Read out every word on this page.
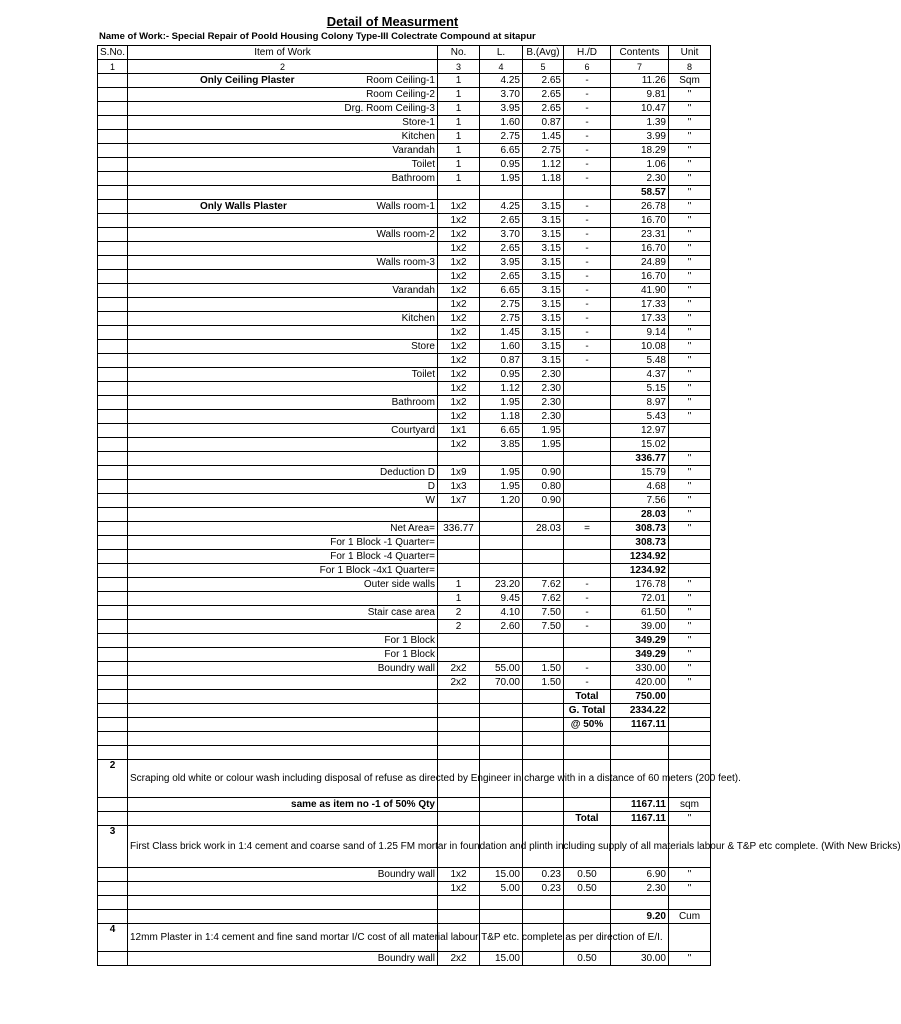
Detail of Measurment
Name of Work:- Special Repair of Poold Housing Colony Type-III Colectrate Compound at sitapur
S.No.	Item of Work	No.	L.	B.(Avg)	H./D	Contents	Unit
1	2	3	4	5	6	7	8

	Only Ceiling Plaster Room Ceiling-1	1	4.25	2.65	-	11.26	Sqm
	Room Ceiling-2	1	3.70	2.65	-	9.81	"
	Drg. Room Ceiling-3	1	3.95	2.65	-	10.47	"
	Store-1	1	1.60	0.87	-	1.39	"
	Kitchen	1	2.75	1.45	-	3.99	"
	Varandah	1	6.65	2.75	-	18.29	"
	Toilet	1	0.95	1.12	-	1.06	"
	Bathroom	1	1.95	1.18	-	2.30	"
						58.57	"

	Only Walls Plaster Walls room-1	1x2	4.25	3.15	-	26.78	"
		1x2	2.65	3.15	-	16.70	"
	Walls room-2	1x2	3.70	3.15	-	23.31	"
		1x2	2.65	3.15	-	16.70	"
	Walls room-3	1x2	3.95	3.15	-	24.89	"
		1x2	2.65	3.15	-	16.70	"
	Varandah	1x2	6.65	3.15	-	41.90	"
		1x2	2.75	3.15	-	17.33	"
	Kitchen	1x2	2.75	3.15	-	17.33	"
		1x2	1.45	3.15	-	9.14	"
	Store	1x2	1.60	3.15	-	10.08	"
		1x2	0.87	3.15	-	5.48	"
	Toilet	1x2	0.95	2.30		4.37	"
		1x2	1.12	2.30		5.15	"
	Bathroom	1x2	1.95	2.30		8.97	"
		1x2	1.18	2.30		5.43	"
	Courtyard	1x1	6.65	1.95		12.97	
		1x2	3.85	1.95		15.02	
						336.77	"
	Deduction D	1x9	1.95	0.90		15.79	"
	D	1x3	1.95	0.80		4.68	"
	W	1x7	1.20	0.90		7.56	"
						28.03	"
	Net Area=	336.77		28.03	=	308.73	"
	For 1 Block -1 Quarter=					308.73	
	For 1 Block -4 Quarter=					1234.92	
	For 1 Block -4x1 Quarter=					1234.92	
	Outer side walls	1	23.20	7.62	-	176.78	"
		1	9.45	7.62	-	72.01	"
	Stair case area	2	4.10	7.50	-	61.50	"
		2	2.60	7.50	-	39.00	"
	For 1 Block					349.29	"
	For 1 Block					349.29	"
	Boundry wall	2x2	55.00	1.50	-	330.00	"
		2x2	70.00	1.50	-	420.00	"
					Total	750.00	
					G. Total	2334.22	
					@ 50%	1167.11	

2	Scraping old white or colour wash including disposal of refuse as directed by Engineer in charge with in a distance of 60 meters (200 feet).						
	same as item no -1 of 50% Qty					1167.11	sqm
					Total	1167.11	"
3	First Class brick work in 1:4 cement and coarse sand of 1.25 FM mortar in foundation and plinth including supply of all materials labour & T&P etc complete. (With New Bricks)						
	Boundry wall	1x2	15.00	0.23	0.50	6.90	"
		1x2	5.00	0.23	0.50	2.30	"

						9.20	Cum
4	12mm Plaster in 1:4 cement and fine sand mortar I/C cost of all material labour T&P etc. complete as per direction of E/I.						
	Boundry wall	2x2	15.00		0.50	30.00	"
